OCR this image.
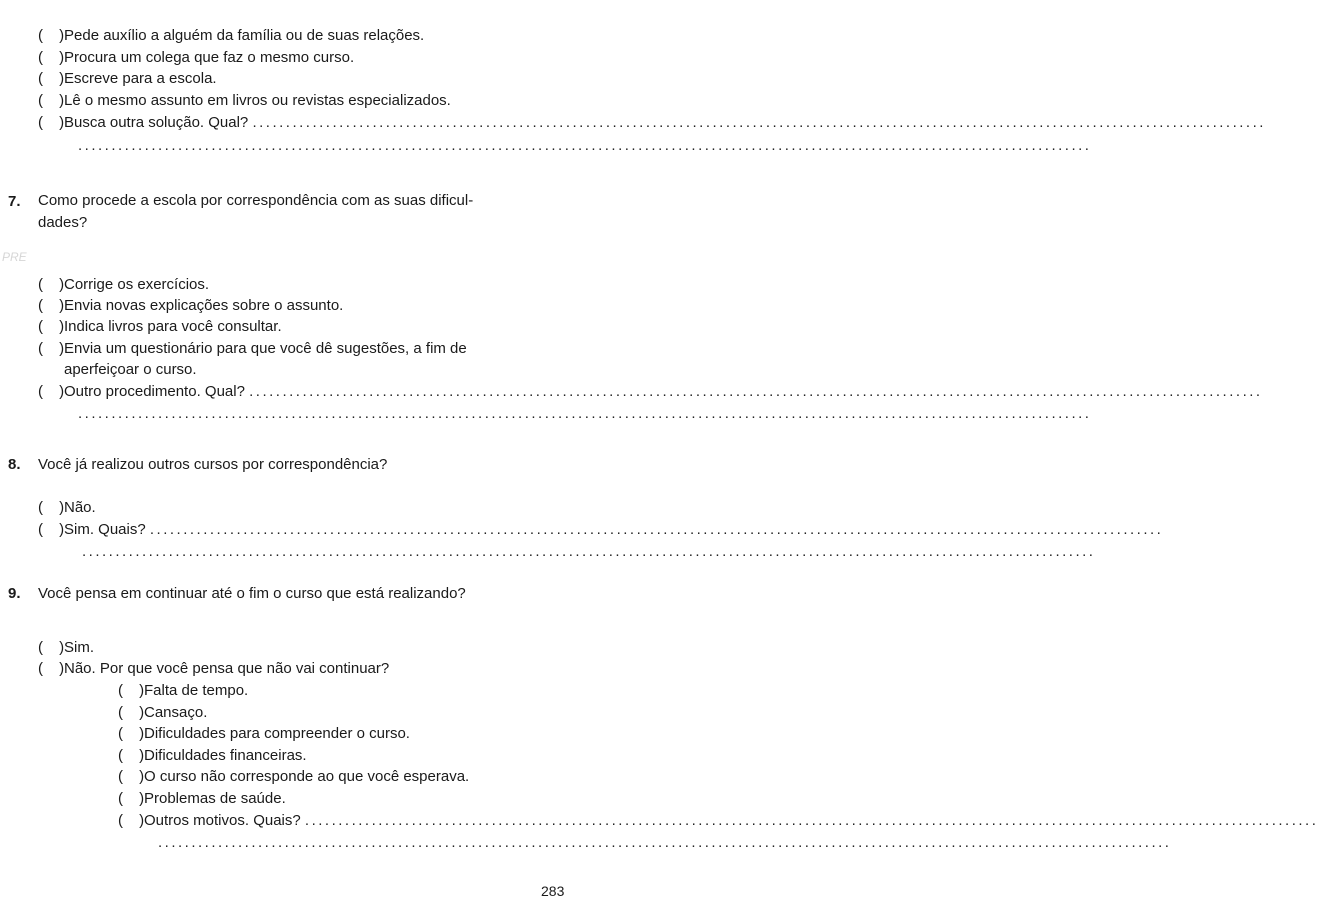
PRE
( )Pede auxílio a alguém da família ou de suas relações.
( )Procura um colega que faz o mesmo curso.
( )Escreve para a escola.
( )Lê o mesmo assunto em livros ou revistas especializados.
( )Busca outra solução. Qual? ........................................................................................................................................................
........................................................................................................................................................
7. Como procede a escola por correspondência com as suas dificul-
dades?
( )Corrige os exercícios.
( )Envia novas explicações sobre o assunto.
( )Indica livros para você consultar.
( )Envia um questionário para que você dê sugestões, a fim de
aperfeiçoar o curso.
( )Outro procedimento. Qual? ........................................................................................................................................................
........................................................................................................................................................
8. Você já realizou outros cursos por correspondência?
( )Não.
( )Sim. Quais? ........................................................................................................................................................
........................................................................................................................................................
9. Você pensa em continuar até o fim o curso que está realizando?
( )Sim.
( )Não. Por que você pensa que não vai continuar?
( )Falta de tempo.
( )Cansaço.
( )Dificuldades para compreender o curso.
( )Dificuldades financeiras.
( )O curso não corresponde ao que você esperava.
( )Problemas de saúde.
( )Outros motivos. Quais? ........................................................................................................................................................
........................................................................................................................................................
283
